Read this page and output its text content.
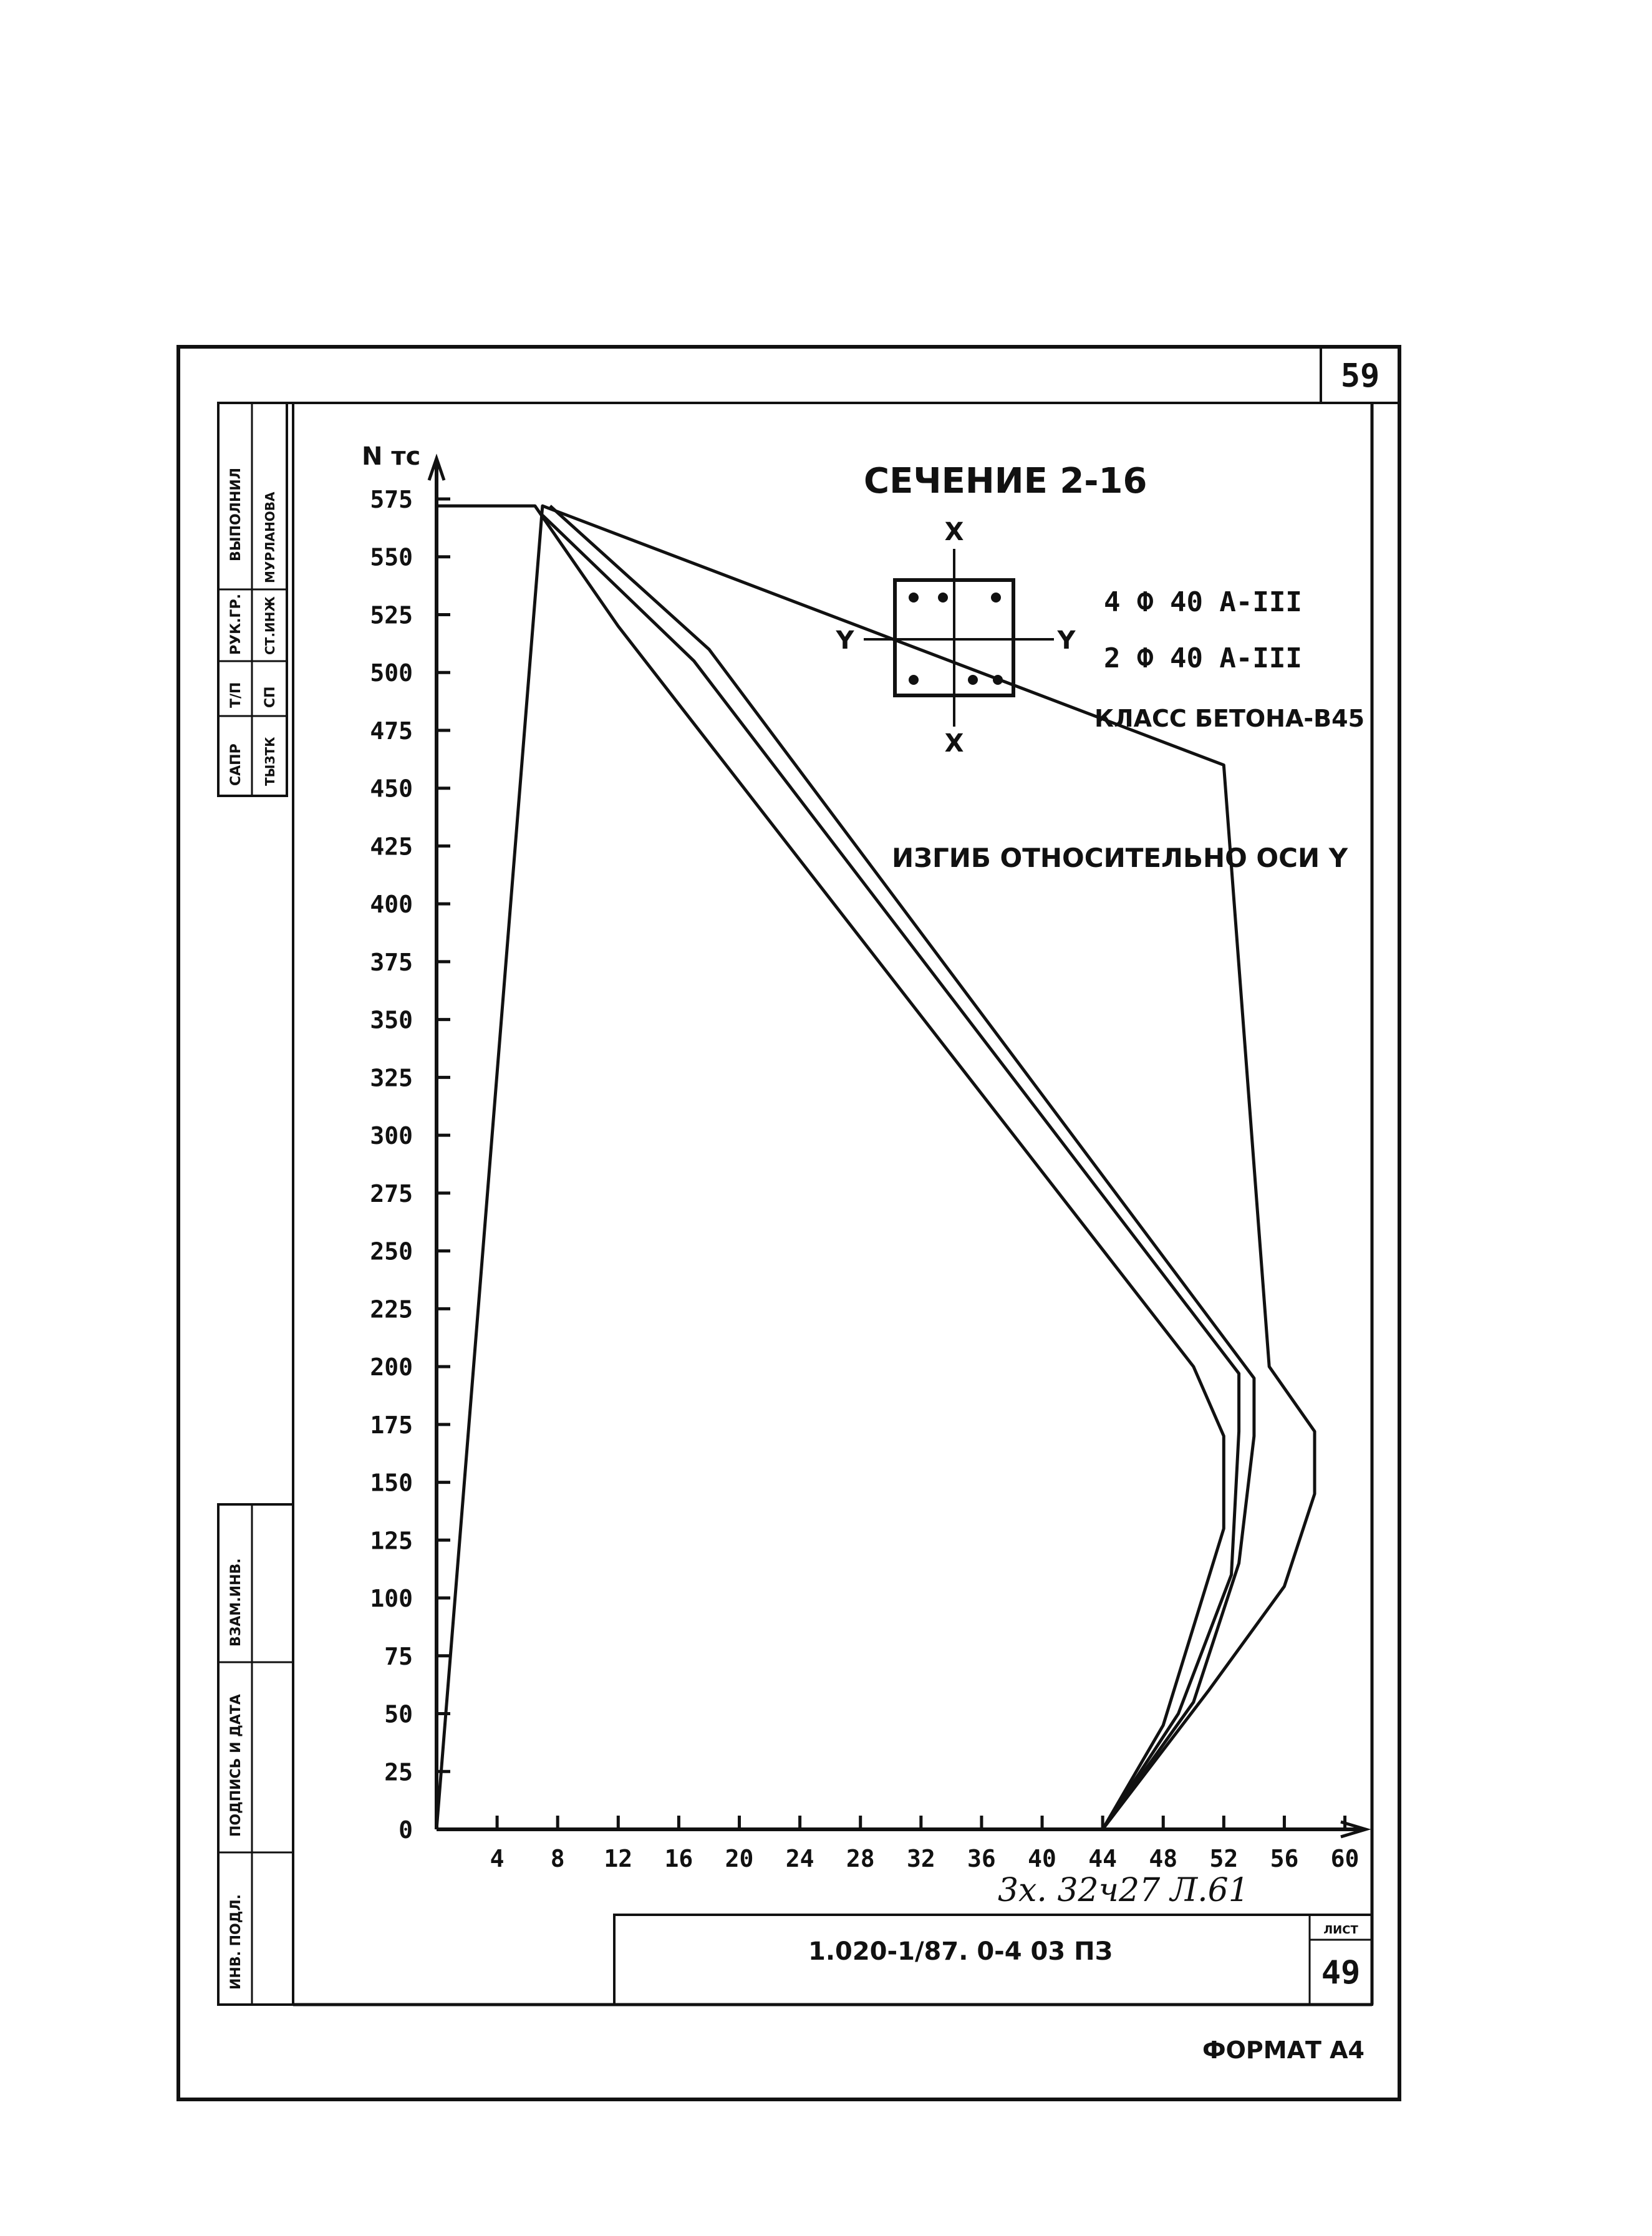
59
ВЫПОЛНИЛ
РУК.ГР.
Т/П
САПР
МУРЛАНОВА
СТ.ИНЖ
СП
ТЫЗТК
ВЗАМ.ИНВ.
ПОДПИСЬ И ДАТА
ИНВ. ПОДЛ.	1.020-1/87. 0-4 03 ПЗ
ЛИСТ
49
3х. 32ч27 Л.61
ФОРМАТ А4
N тс
0
25
50
75
100
125
150
175
200
225
250
275
300
325
350
375
400
425
450
475
500
525
550
575
4 8 12 16 20 24 28 32 36 40 44 48 52 56 60
СЕЧЕНИЕ 2-16
ИЗГИБ ОТНОСИТЕЛЬНО ОСИ Y
4 Ф 40 А-III
2 Ф 40 А-III
КЛАСС БЕТОНА-В45
X
X
Y	Y
